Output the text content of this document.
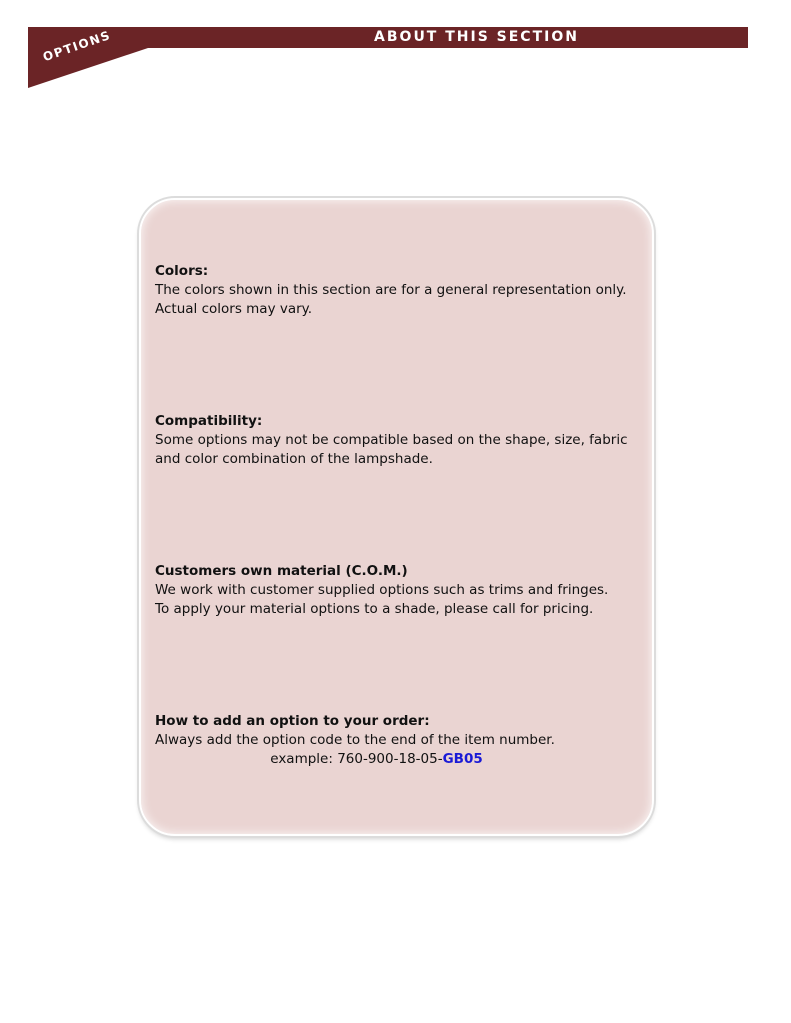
ABOUT THIS SECTION
OPTIONS
Colors:
The colors shown in this section are for a general representation only.
Actual colors may vary.
Compatibility:
Some options may not be compatible based on the shape, size, fabric
and color combination of the lampshade.
Customers own material (C.O.M.)
We work with customer supplied options such as trims and fringes.
To apply your material options to a shade, please call for pricing.
How to add an option to your order:
Always add the option code to the end of the item number.
example: 760-900-18-05-GB05
